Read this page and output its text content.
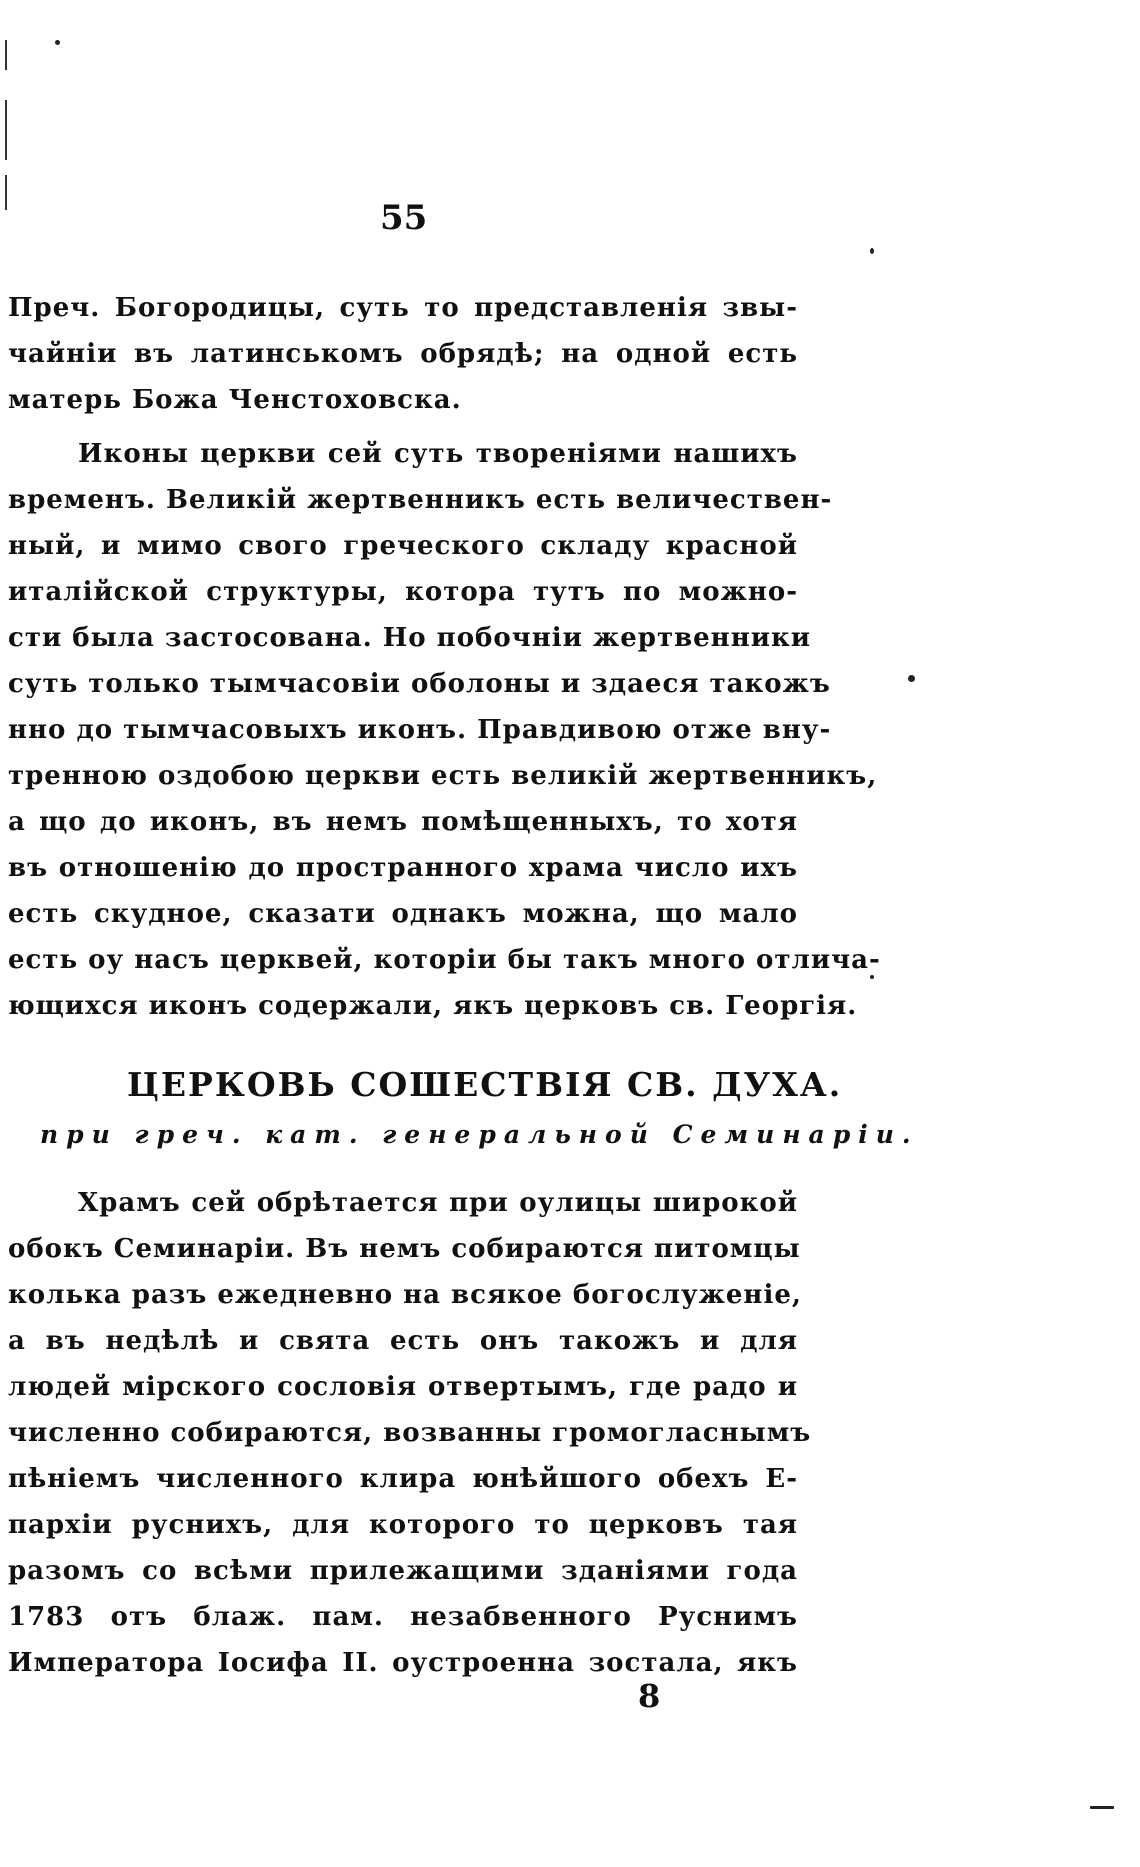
55
Преч. Богородицы, суть то представленія звы-
чайніи въ латинськомъ обрядѣ; на одной есть
матерь Божа Ченстоховска.
Иконы церкви сей суть твореніями нашихъ
временъ. Великій жертвенникъ есть величествен-
ный, и мимо свого греческого складу красной
италійской структуры, котора тутъ по можно-
сти была застосована. Но побочніи жертвенники
суть только тымчасовіи оболоны и здаеся такожъ
нно до тымчасовыхъ иконъ. Правдивою отже вну-
тренною оздобою церкви есть великій жертвенникъ,
а що до иконъ, въ немъ помѣщенныхъ, то хотя
въ отношенію до пространного храма число ихъ
есть скудное, сказати однакъ можна, що мало
есть оу насъ церквей, которіи бы такъ много отлича-
ющихся иконъ содержали, якъ церковъ св. Георгія.
ЦЕРКОВЬ СОШЕСТВІЯ СВ. ДУХА.
при греч. кат. генеральной Семинаріи.
Храмъ сей обрѣтается при оулицы широкой
обокъ Семинаріи. Въ немъ собираются питомцы
колька разъ ежедневно на всякое богослуженіе,
а въ недѣлѣ и свята есть онъ такожъ и для
людей мірского сословія отвертымъ, где радо и
численно собираются, возванны громогласнымъ
пѣніемъ численного клира юнѣйшого обехъ Е-
пархіи руснихъ, для которого то церковъ тая
разомъ со всѣми прилежащими зданіями года
1783 отъ блаж. пам. незабвенного Руснимъ
Императора Іосифа II. оустроенна зостала, якъ
8
